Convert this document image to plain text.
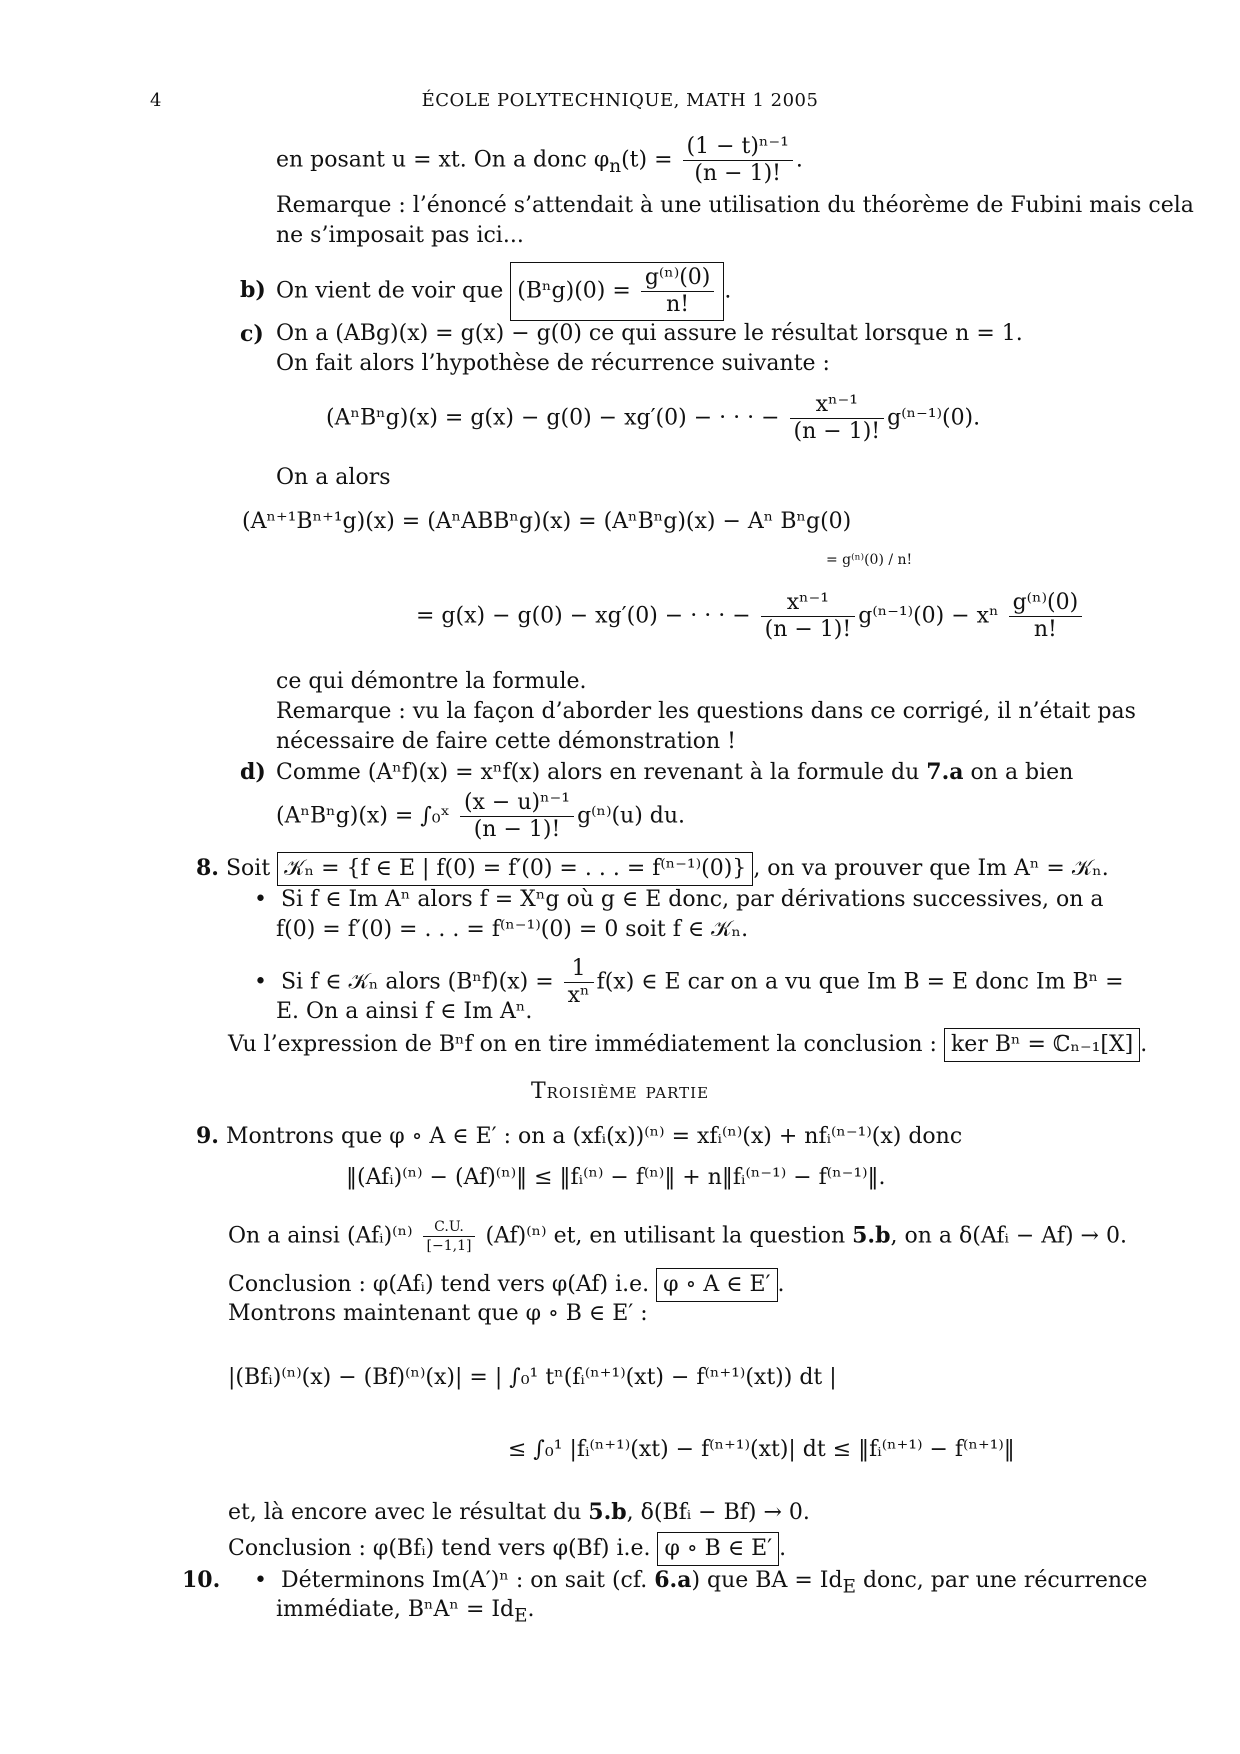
4	ÉCOLE POLYTECHNIQUE, MATH 1 2005
en posant u = xt. On a donc $\varphi_n(t) = \frac{\text{(1 − t)ⁿ⁻¹}}{(n - 1)!}$ .
Remarque : l’énoncé s’attendait à une utilisation du théorème de Fubini mais cela
ne s’imposait pas ici...
b) On vient de voir que $(B^ng)(0) = \frac{\text{g⁽ⁿ⁾(0)}}{n!}$ .
c) On a (ABg)(x) = g(x) − g(0) ce qui assure le résultat lorsque n = 1.
On fait alors l’hypothèse de récurrence suivante :
(AⁿBⁿg)(x) = g(x) − g(0) − xg′(0) − · · · − $\frac{\text{xⁿ⁻¹}}{(n - 1)!} g^{(n-1)}(0)$.
On a alors
(Aⁿ⁺¹Bⁿ⁺¹g)(x) = (AⁿABBⁿg)(x) = (AⁿBⁿg)(x) − Aⁿ Bⁿg(0)
= g⁽ⁿ⁾(0) / n!
= g(x) − g(0) − xg′(0) − · · · − $\frac{\text{xⁿ⁻¹}}{(n - 1)!} g^{(n-1)}(0) - x^n \frac{\text{g⁽ⁿ⁾(0)}}{n!}$
ce qui démontre la formule.
Remarque : vu la façon d’aborder les questions dans ce corrigé, il n’était pas
nécessaire de faire cette démonstration !
d) Comme (Aⁿf)(x) = xⁿf(x) alors en revenant à la formule du 7.a on a bien
(AⁿBⁿg)(x) = ∫₀ˣ $\frac{\text{(x − u)ⁿ⁻¹}}{(n - 1)!} g^{(n)}(u)$ du.
8. Soit 𝒦ₙ = {f ∈ E | f(0) = f′(0) = . . . = f⁽ⁿ⁻¹⁾(0)} , on va prouver que Im Aⁿ = 𝒦ₙ.
•  Si f ∈ Im Aⁿ alors f = Xⁿg où g ∈ E donc, par dérivations successives, on a
f(0) = f′(0) = . . . = f⁽ⁿ⁻¹⁾(0) = 0 soit f ∈ 𝒦ₙ.
•  Si f ∈ 𝒦ₙ alors $(B^nf)(x) = \frac{1}{\text{xⁿ}} f(x)$ ∈ E car on a vu que Im B = E donc Im Bⁿ =
E. On a ainsi f ∈ Im Aⁿ.
Vu l’expression de Bⁿf on en tire immédiatement la conclusion : ker Bⁿ = ℂₙ₋₁[X] .
Troisième partie
9. Montrons que φ ∘ A ∈ E′ : on a (xfᵢ(x))⁽ⁿ⁾ = xfᵢ⁽ⁿ⁾(x) + nfᵢ⁽ⁿ⁻¹⁾(x) donc
‖(Afᵢ)⁽ⁿ⁾ − (Af)⁽ⁿ⁾‖ ≤ ‖fᵢ⁽ⁿ⁾ − f⁽ⁿ⁾‖ + n‖fᵢ⁽ⁿ⁻¹⁾ − f⁽ⁿ⁻¹⁾‖.
On a ainsi (Afᵢ)⁽ⁿ⁾ $\frac{C.U.}{[-1,1]} (Af)^{(n)}$ et, en utilisant la question 5.b, on a δ(Afᵢ − Af) → 0.
Conclusion : φ(Afᵢ) tend vers φ(Af) i.e. φ ∘ A ∈ E′ .
Montrons maintenant que φ ∘ B ∈ E′ :
|(Bfᵢ)⁽ⁿ⁾(x) − (Bf)⁽ⁿ⁾(x)| = | ∫₀¹ tⁿ(fᵢ⁽ⁿ⁺¹⁾(xt) − f⁽ⁿ⁺¹⁾(xt)) dt |
≤ ∫₀¹ |fᵢ⁽ⁿ⁺¹⁾(xt) − f⁽ⁿ⁺¹⁾(xt)| dt ≤ ‖fᵢ⁽ⁿ⁺¹⁾ − f⁽ⁿ⁺¹⁾‖
et, là encore avec le résultat du 5.b, δ(Bfᵢ − Bf) → 0.
Conclusion : φ(Bfᵢ) tend vers φ(Bf) i.e. φ ∘ B ∈ E′ .
10. •  Déterminons Im(A′)ⁿ : on sait (cf. 6.a) que BA = $Id_E$ donc, par une récurrence
immédiate, $B^nA^n = Id_E$.
